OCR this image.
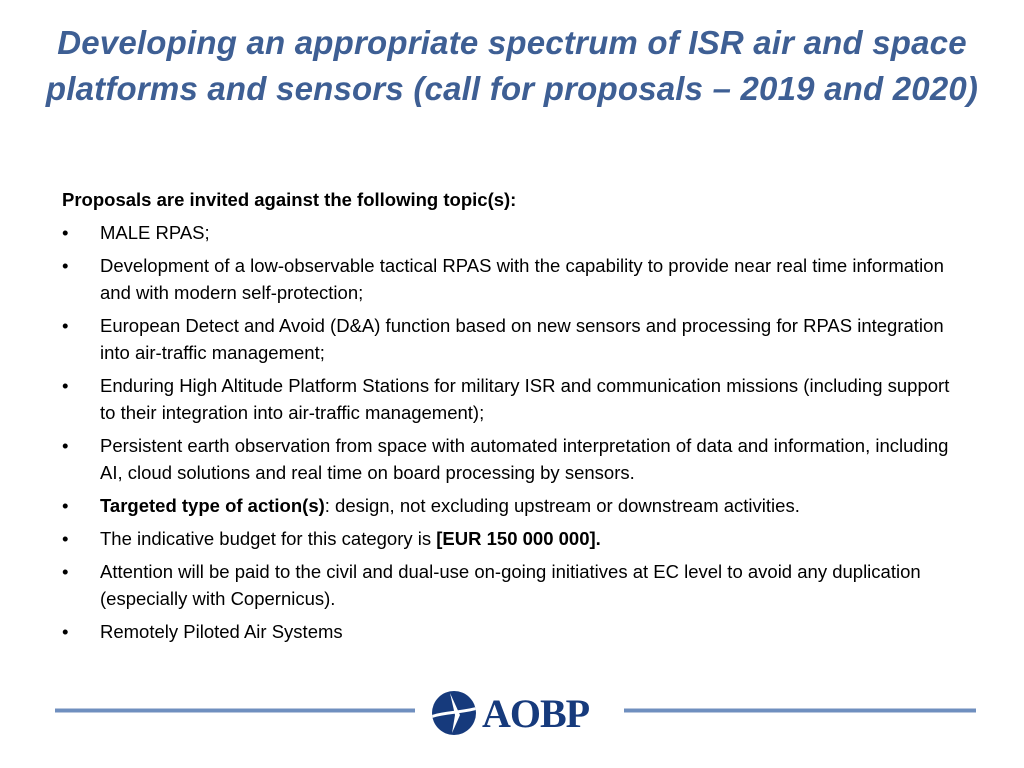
Developing an appropriate spectrum of ISR air and space platforms and sensors (call for proposals – 2019 and 2020)

Proposals are invited against the following topic(s):

•	MALE RPAS;
•	Development of a low-observable tactical RPAS with the capability to provide near real time information and with modern self-protection;
•	European Detect and Avoid (D&A) function based on new sensors and processing for RPAS integration into air-traffic management;
•	Enduring High Altitude Platform Stations for military ISR and communication missions (including support to their integration into air-traffic management);
•	Persistent earth observation from space with automated interpretation of data and information, including AI, cloud solutions and real time on board processing by sensors.
•	Targeted type of action(s): design, not excluding upstream or downstream activities.
•	The indicative budget for this category is [EUR 150 000 000].
•	Attention will be paid to the civil and dual-use on-going initiatives at EC level to avoid any duplication (especially with Copernicus).
•	Remotely Piloted Air Systems
AOBP
